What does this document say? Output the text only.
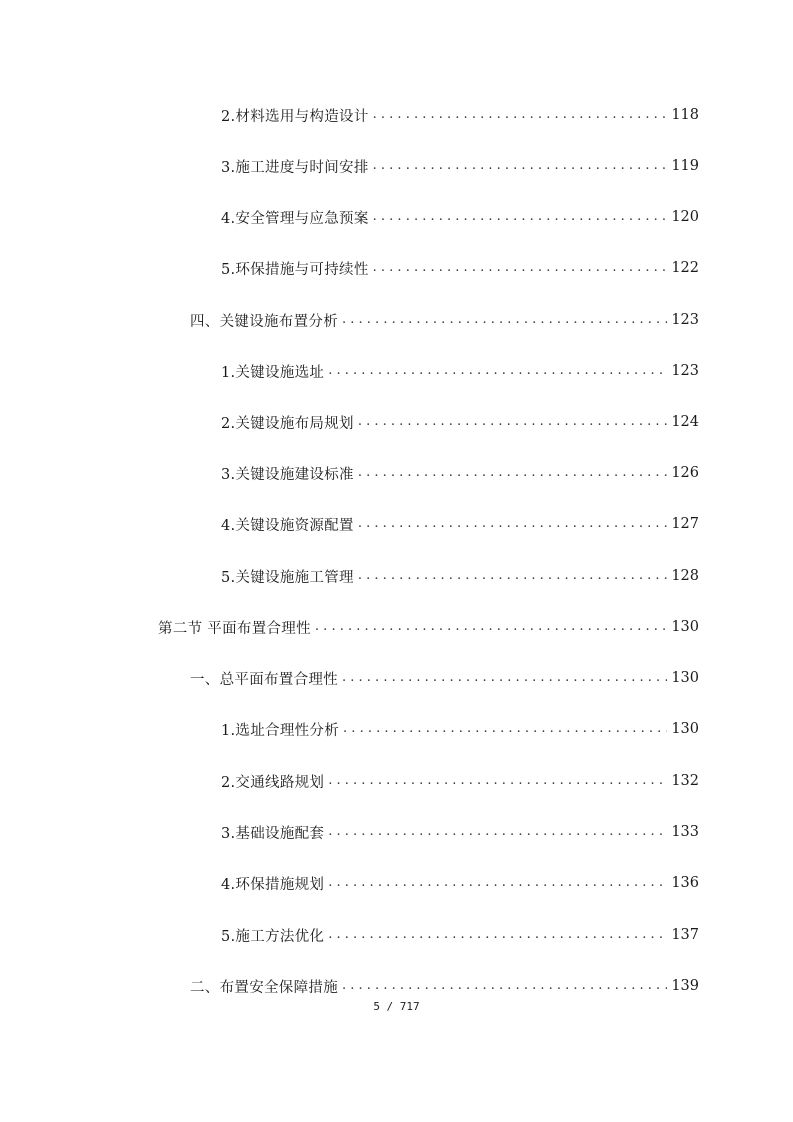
2.材料选用与构造设计 . . .	118
3.施工进度与时间安排 . . .	119
4.安全管理与应急预案 . . .	120
5.环保措施与可持续性 . . .	122
四、关键设施布置分析 . . .	123
1.关键设施选址 . . .	123
2.关键设施布局规划 . . .	124
3.关键设施建设标准 . . .	126
4.关键设施资源配置 . . .	127
5.关键设施施工管理 . . .	128
第二节 平面布置合理性 . . .	130
一、总平面布置合理性 . . .	130
1.选址合理性分析 . . .	130
2.交通线路规划 . . .	132
3.基础设施配套 . . .	133
4.环保措施规划 . . .	136
5.施工方法优化 . . .	137
二、布置安全保障措施 . . .	139
5 / 717
